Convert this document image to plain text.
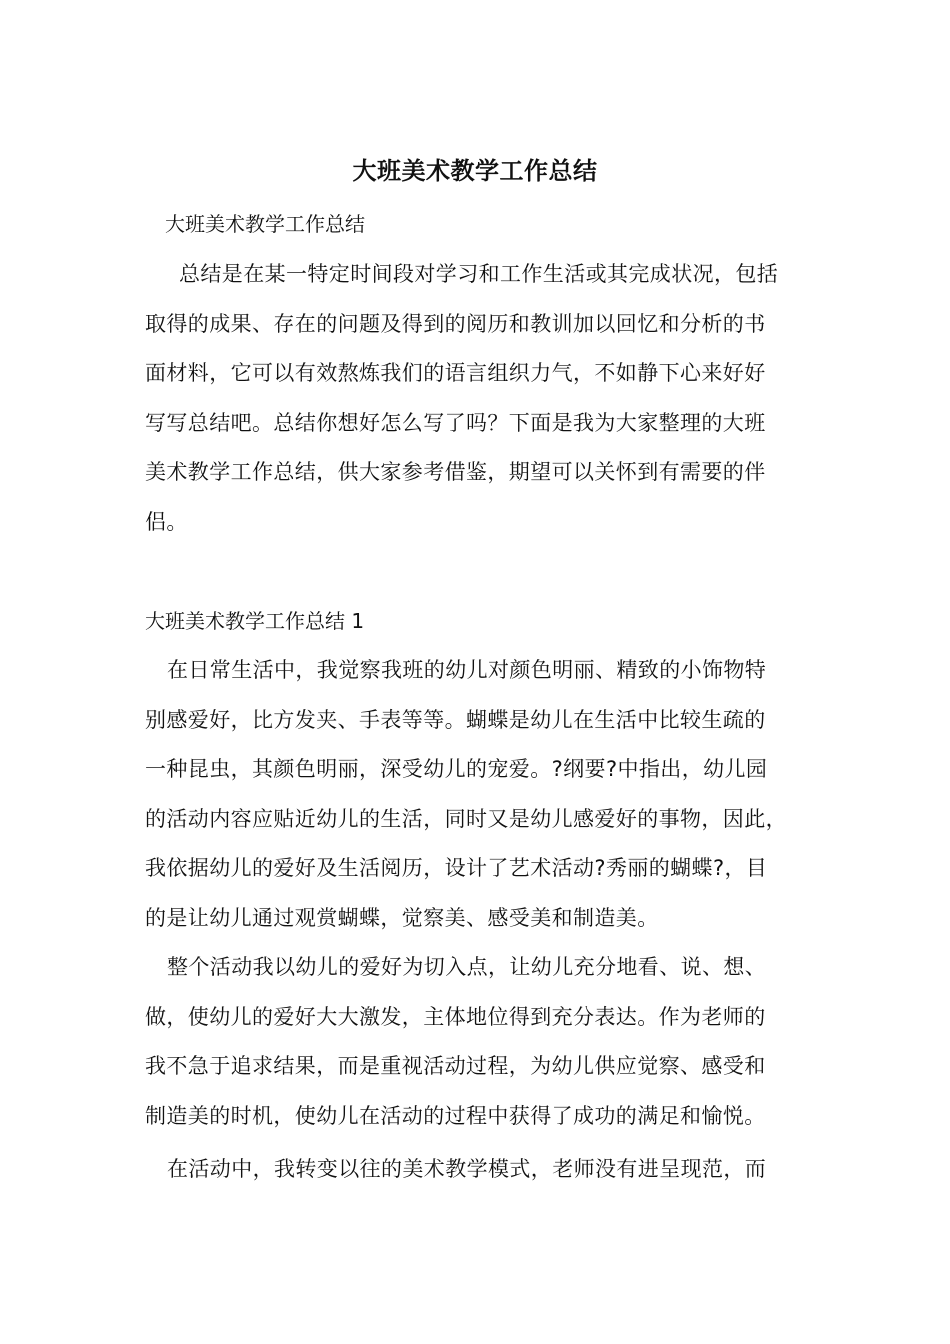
大班美术教学工作总结
大班美术教学工作总结
总结是在某一特定时间段对学习和工作生活或其完成状况，包括
取得的成果、存在的问题及得到的阅历和教训加以回忆和分析的书
面材料，它可以有效熬炼我们的语言组织力气，不如静下心来好好
写写总结吧。总结你想好怎么写了吗？下面是我为大家整理的大班
美术教学工作总结，供大家参考借鉴，期望可以关怀到有需要的伴
侣。
大班美术教学工作总结 1
在日常生活中，我觉察我班的幼儿对颜色明丽、精致的小饰物特
别感爱好，比方发夹、手表等等。蝴蝶是幼儿在生活中比较生疏的
一种昆虫，其颜色明丽，深受幼儿的宠爱。?纲要?中指出，幼儿园
的活动内容应贴近幼儿的生活，同时又是幼儿感爱好的事物，因此，
我依据幼儿的爱好及生活阅历，设计了艺术活动?秀丽的蝴蝶?，目
的是让幼儿通过观赏蝴蝶，觉察美、感受美和制造美。
整个活动我以幼儿的爱好为切入点，让幼儿充分地看、说、想、
做，使幼儿的爱好大大激发，主体地位得到充分表达。作为老师的
我不急于追求结果，而是重视活动过程，为幼儿供应觉察、感受和
制造美的时机，使幼儿在活动的过程中获得了成功的满足和愉悦。
在活动中，我转变以往的美术教学模式，老师没有进呈现范，而
